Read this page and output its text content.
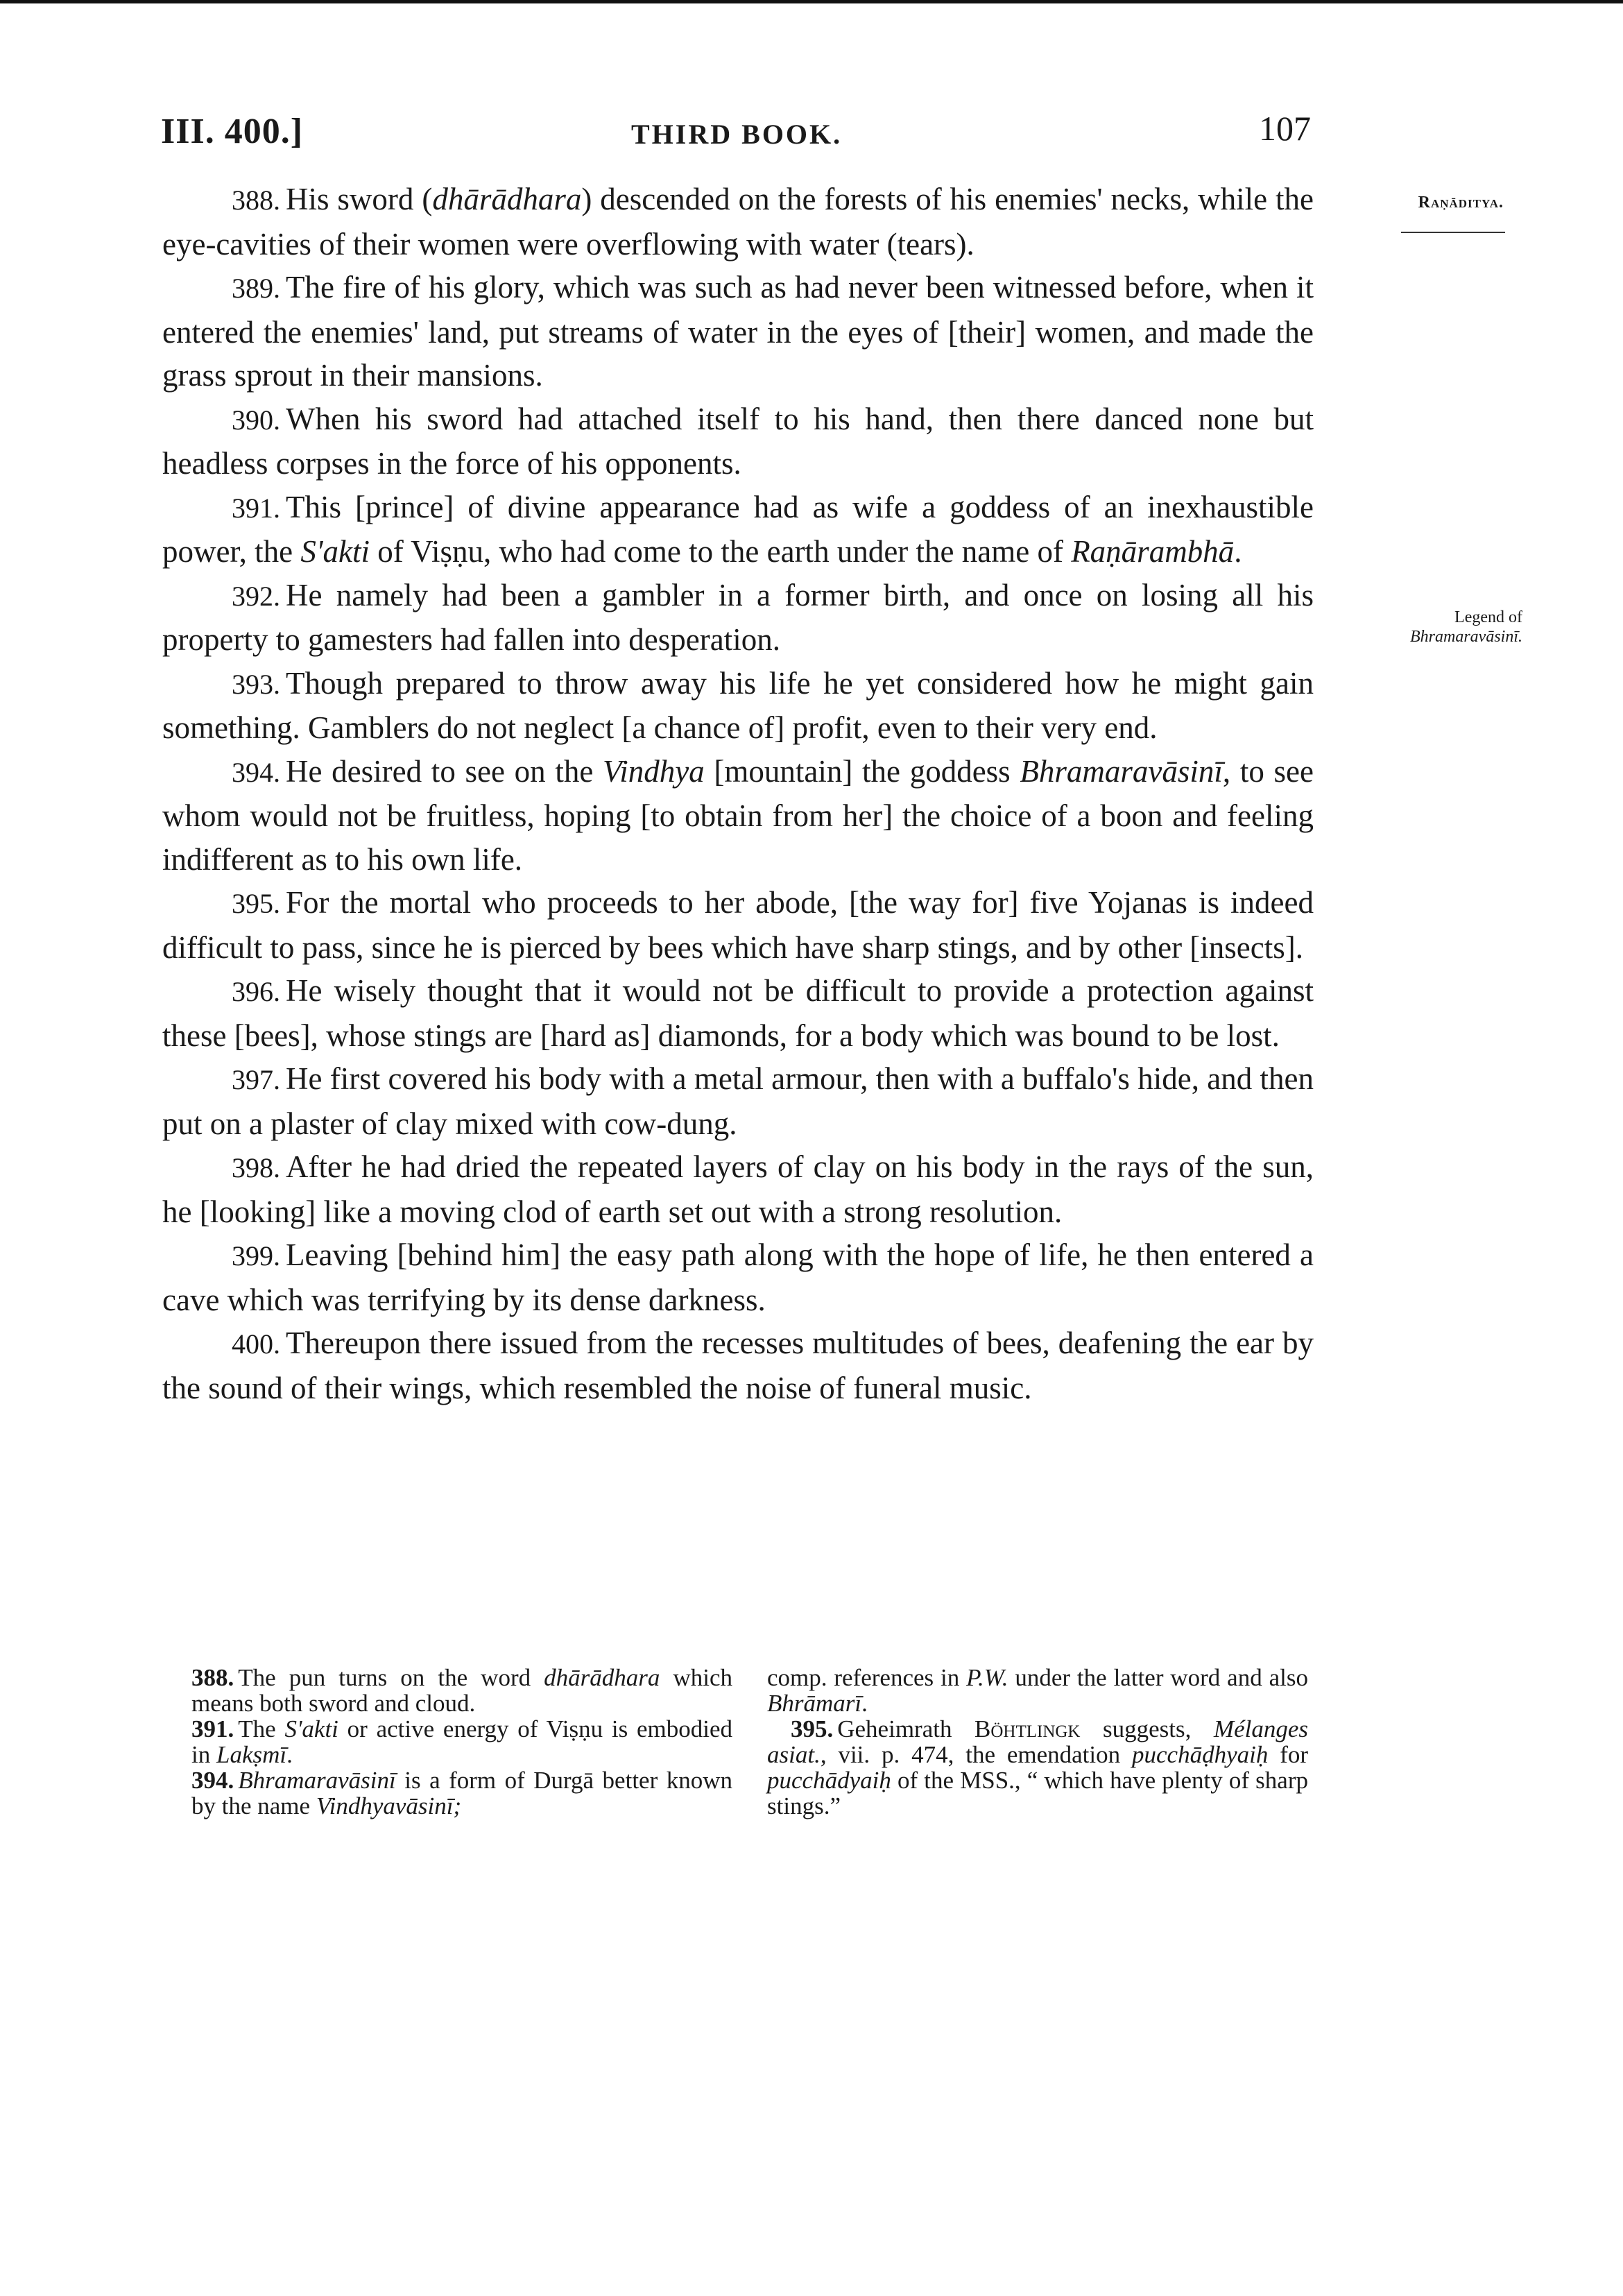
III. 400.]	THIRD BOOK.	107
Raṇāditya.
Legend of
Bhramaravāsinī.

388. His sword (dhārādhara) descended on the forests of his enemies' necks, while the eye-cavities of their women were overflowing with water (tears).

389. The fire of his glory, which was such as had never been witnessed before, when it entered the enemies' land, put streams of water in the eyes of [their] women, and made the grass sprout in their mansions.

390. When his sword had attached itself to his hand, then there danced none but headless corpses in the force of his opponents.

391. This [prince] of divine appearance had as wife a goddess of an inexhaustible power, the S'akti of Viṣṇu, who had come to the earth under the name of Raṇārambhā.

392. He namely had been a gambler in a former birth, and once on losing all his property to gamesters had fallen into desperation.

393. Though prepared to throw away his life he yet considered how he might gain something. Gamblers do not neglect [a chance of] profit, even to their very end.

394. He desired to see on the Vindhya [mountain] the goddess Bhramaravāsinī, to see whom would not be fruitless, hoping [to obtain from her] the choice of a boon and feeling indifferent as to his own life.

395. For the mortal who proceeds to her abode, [the way for] five Yojanas is indeed difficult to pass, since he is pierced by bees which have sharp stings, and by other [insects].

396. He wisely thought that it would not be difficult to provide a protection against these [bees], whose stings are [hard as] diamonds, for a body which was bound to be lost.

397. He first covered his body with a metal armour, then with a buffalo's hide, and then put on a plaster of clay mixed with cow-dung.

398. After he had dried the repeated layers of clay on his body in the rays of the sun, he [looking] like a moving clod of earth set out with a strong resolution.

399. Leaving [behind him] the easy path along with the hope of life, he then entered a cave which was terrifying by its dense darkness.

400. Thereupon there issued from the recesses multitudes of bees, deafening the ear by the sound of their wings, which resembled the noise of funeral music.

388. The pun turns on the word dhārādhara which means both sword and cloud.

391. The S'akti or active energy of Viṣṇu is embodied in Lakṣmī.

394. Bhramaravāsinī is a form of Durgā better known by the name Vindhyavāsinī;

comp. references in P.W. under the latter word and also Bhrāmarī.

395. Geheimrath Böhtlingk suggests, Mélanges asiat., vii. p. 474, the emendation pucchāḍhyaiḥ for pucchādyaiḥ of the MSS., “ which have plenty of sharp stings.”
